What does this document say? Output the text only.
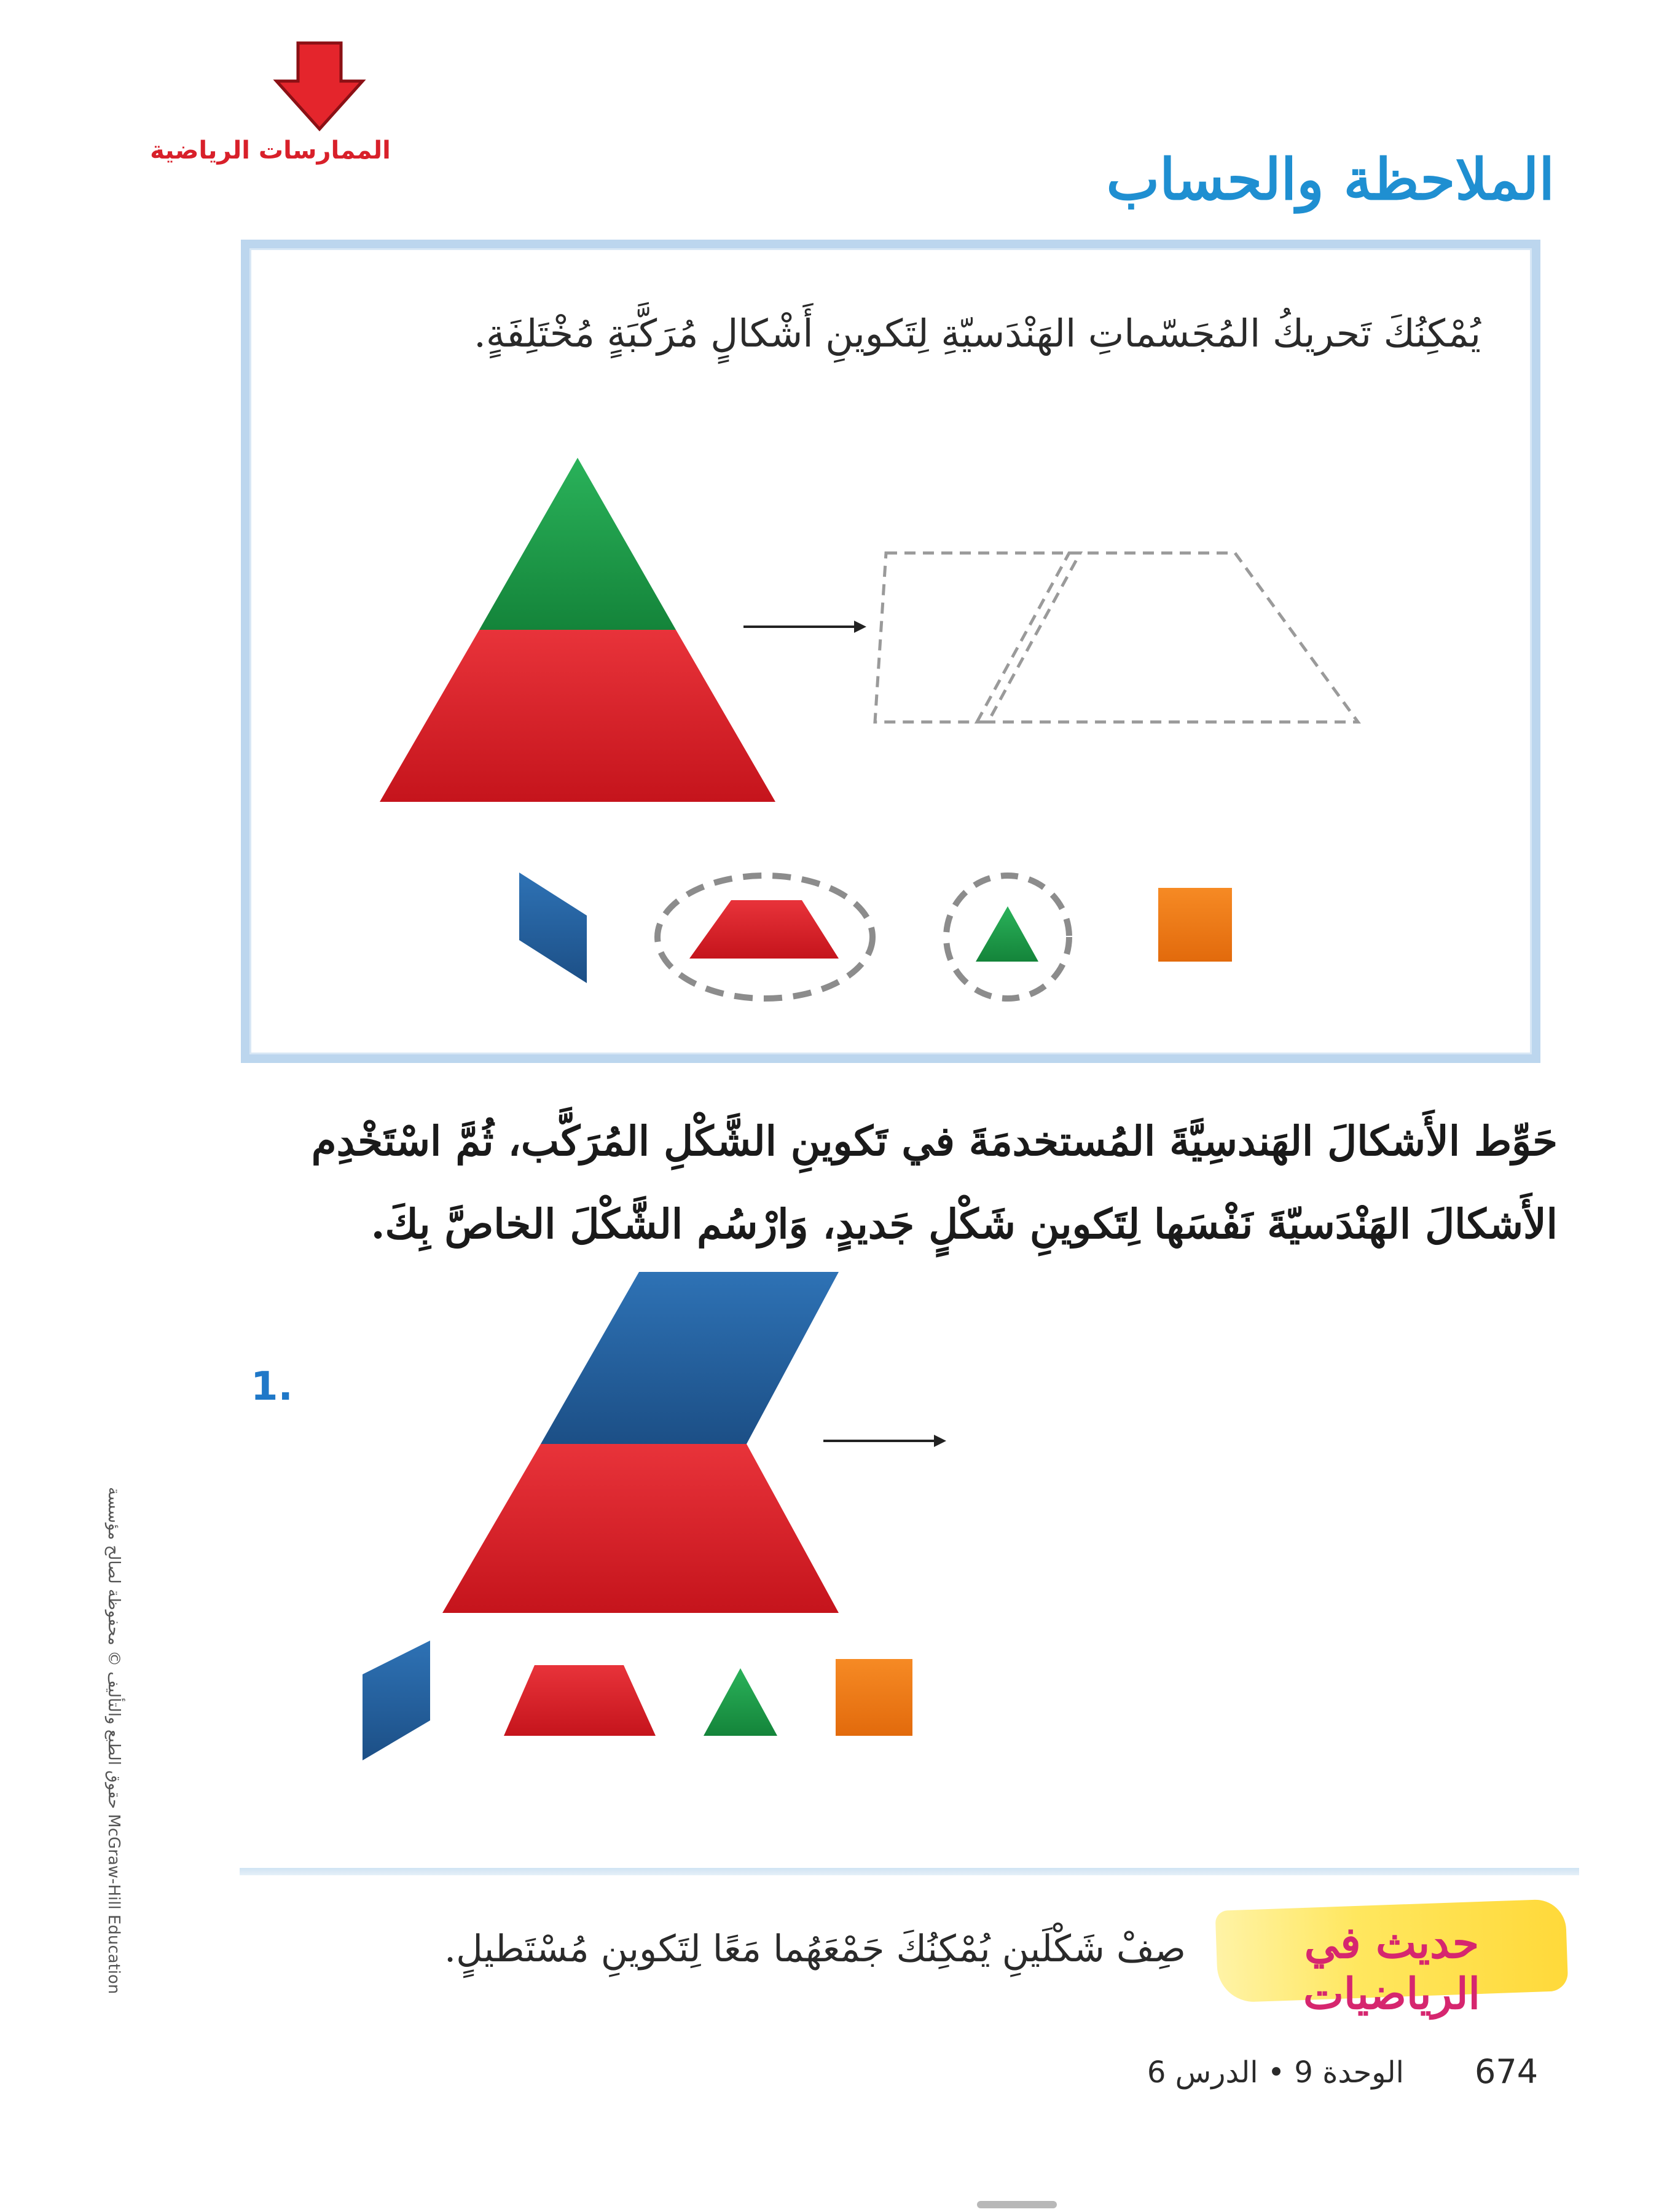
الممارسات الرياضية	الملاحظة والحساب
يُمْكِنُكَ تَحريكُ المُجَسّماتِ الهَنْدَسيّةِ لِتَكوينِ أَشْكالٍ مُرَكَّبَةٍ مُخْتَلِفَةٍ.
حَوِّط الأَشكالَ الهَندسِيَّةَ المُستخدمَةَ في تَكوينِ الشَّكْلِ المُرَكَّب، ثُمَّ اسْتَخْدِم الأَشكالَ الهَنْدَسيّةَ نَفْسَها لِتَكوينِ شَكْلٍ جَديدٍ، وَارْسُم الشَّكْلَ الخاصَّ بِكَ.
1.
حديث في الرياضيات
صِفْ شَكْلَينِ يُمْكِنُكَ جَمْعَهُما مَعًا لِتَكوينِ مُسْتَطيلٍ.
الوحدة 9 • الدرس 6 674
حقوق الطبع والتأليف © محفوظة لصالح مؤسسة McGraw-Hill Education
